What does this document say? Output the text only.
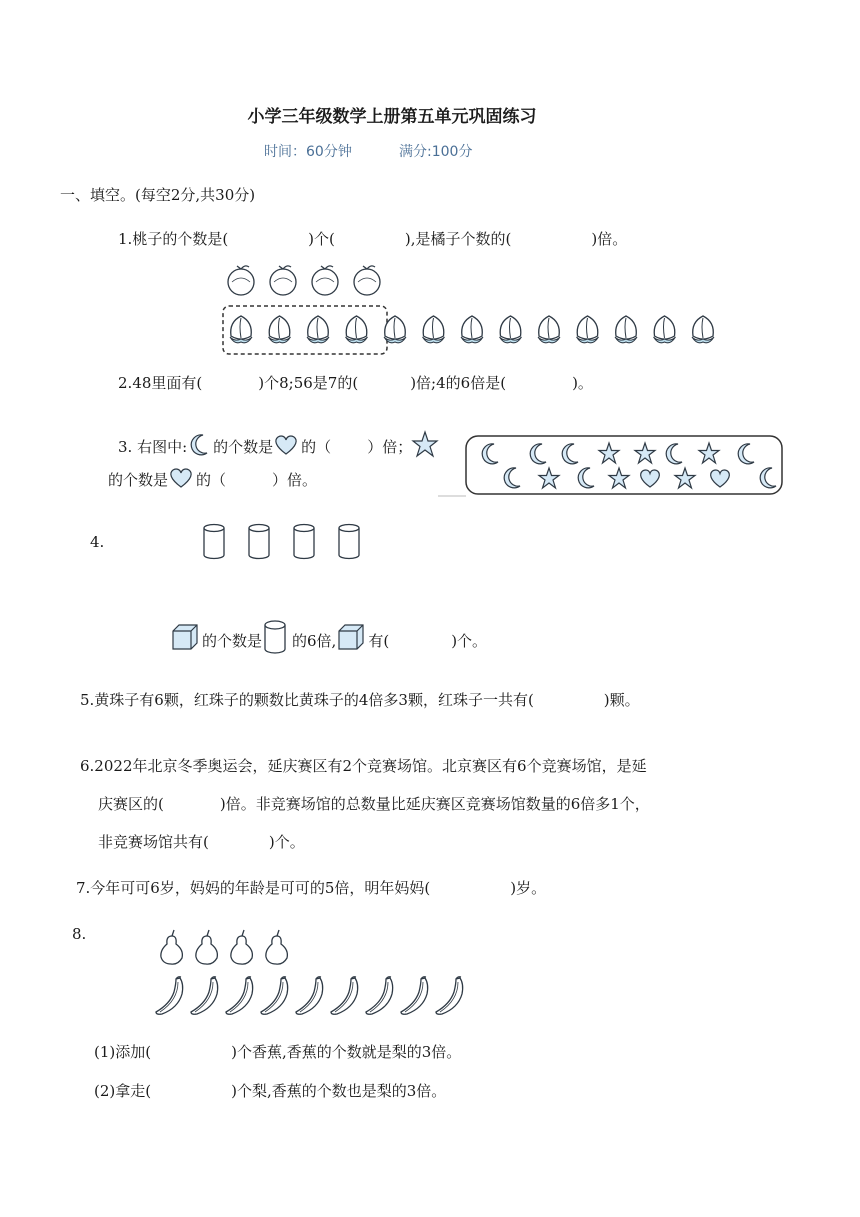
小学三年级数学上册第五单元巩固练习
时间：60分钟	满分:100分
一、填空。(每空2分,共30分)
1.桃子的个数是(	)个(	),是橘子个数的(	)倍。
2.48里面有(	)个8;56是7的(	)倍;4的6倍是(	)。
3. 右图中: 的个数是 的（ ）倍；
的个数是 的（	）倍。
4.
的个数是 的6倍, 有(	)个。
5.黄珠子有6颗，红珠子的颗数比黄珠子的4倍多3颗，红珠子一共有(	)颗。
6.2022年北京冬季奥运会，延庆赛区有2个竞赛场馆。北京赛区有6个竞赛场馆，是延
庆赛区的(	)倍。非竞赛场馆的总数量比延庆赛区竞赛场馆数量的6倍多1个，
非竞赛场馆共有(	)个。
7.今年可可6岁，妈妈的年龄是可可的5倍，明年妈妈(	)岁。
8.
(1)添加(	)个香蕉,香蕉的个数就是梨的3倍。
(2)拿走(	)个梨,香蕉的个数也是梨的3倍。
